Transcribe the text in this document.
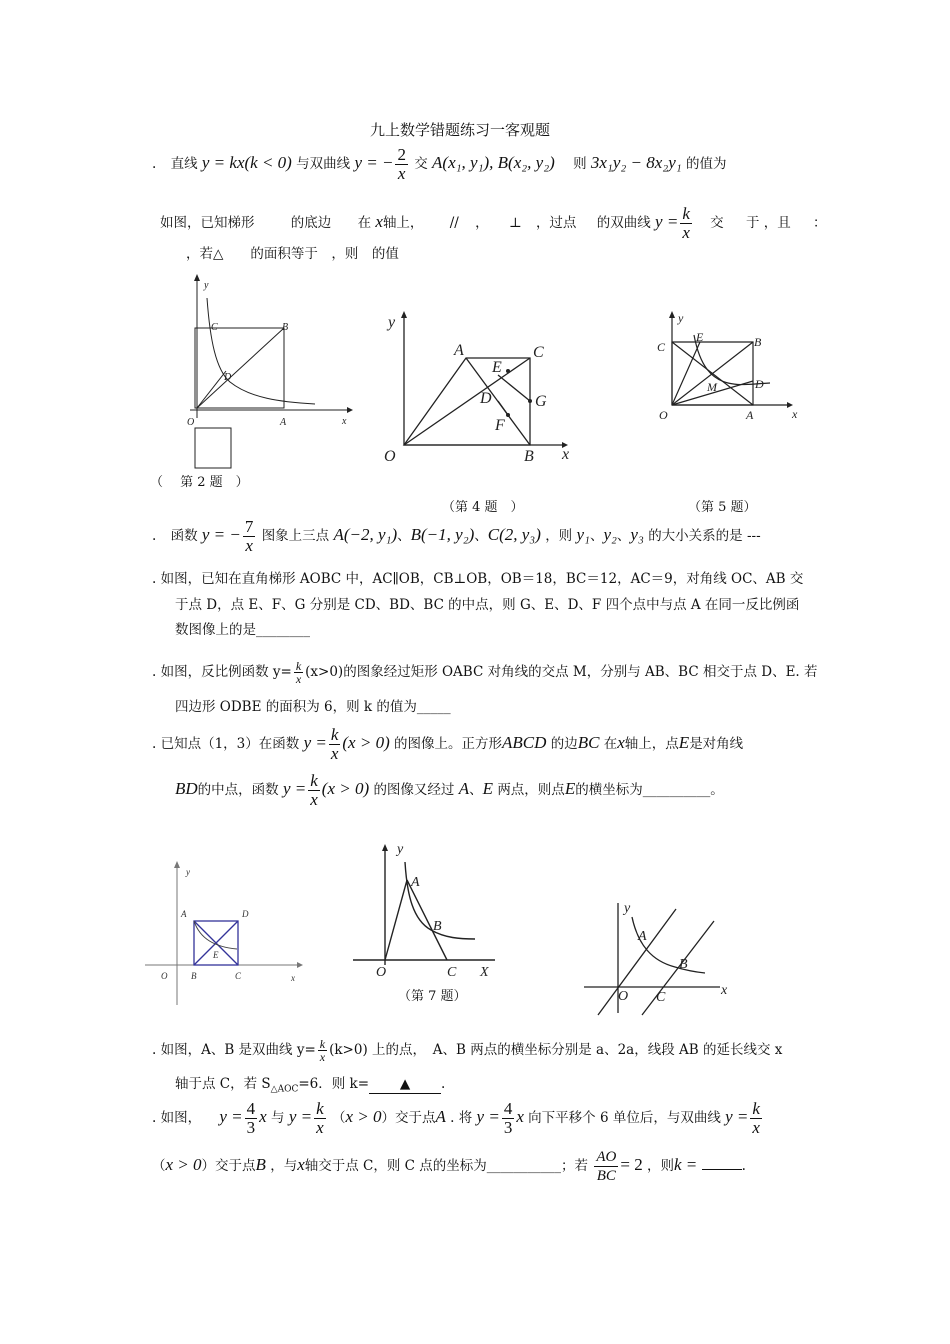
九上数学错题练习一客观题
. 直线 y = kx(k < 0) 与双曲线 y = − $\frac{2}{x}$ 交 A(x₁, y₁), B(x₂, y₂) 则 3x₁y₂ − 8x₂y₁ 的值为
如图，已知梯形	的底边 在 x轴上， // ， ⊥ ，过点 的双曲线 $y = \frac{k}{x}$ 交 于 ，且 ：
，若△　　的面积等于　，则　的值
y
C	B
D
O	A	x
（　 第 2 题　）
y
A	C
E
D	G
F
O	B x
（第 4 题　）
y
E	B
C
M	D
O	A	x
（第 5 题）
. 函数 y = − $\frac{7}{x}$ 图象上三点 A(−2, y₁)、B(−1, y₂)、C(2, y₃) ，则 y₁、y₂、y₃ 的大小关系的是 ---
. 如图，已知在直角梯形 AOBC 中，AC∥OB，CB⊥OB，OB＝18，BC＝12，AC＝9，对角线 OC、AB 交
于点 D，点 E、F、G 分别是 CD、BD、BC 的中点，则 G、E、D、F 四个点中与点 A 在同一反比例函
数图像上的是________
. 如图，反比例函数 $y= \frac{k}{x} (x>0)$的图象经过矩形 OABC 对角线的交点 M，分别与 AB、BC 相交于点 D、E. 若
四边形 ODBE 的面积为 6，则 k 的值为_____
. 已知点（1，3）在函数 $y = \frac{k}{x} (x > 0)$ 的图像上。正方形ABCD 的边BC 在x轴上，点E是对角线
BD的中点，函数 $y = \frac{k}{x} (x > 0)$ 的图像又经过 A、E 两点，则点E的横坐标为__________。
y
A	D
E
O	B	C	x
y
A
B
O	C X
（第 7 题）
y
A
B
O C	x
. 如图，A、B 是双曲线 $y= \frac{k}{x} (k>0)$ 上的点，　A、B 两点的横坐标分别是 a、2a，线段 AB 的延长线交 x
轴于点 C，若 $S_{\triangle AOC}=6$．则 k= ▲ .
. 如图， $y = \frac{4}{3}$ x 与 $y = \frac{k}{x} (x > 0)$交于点A . 将 $y = \frac{4}{3}$ x 向下平移个 6 单位后，与双曲线 $y = \frac{k}{x}$
（x > 0）交于点B ，与x轴交于点 C，则 C 点的坐标为___________；若 $\frac{AO}{BC} = 2$ ，则k =	.
